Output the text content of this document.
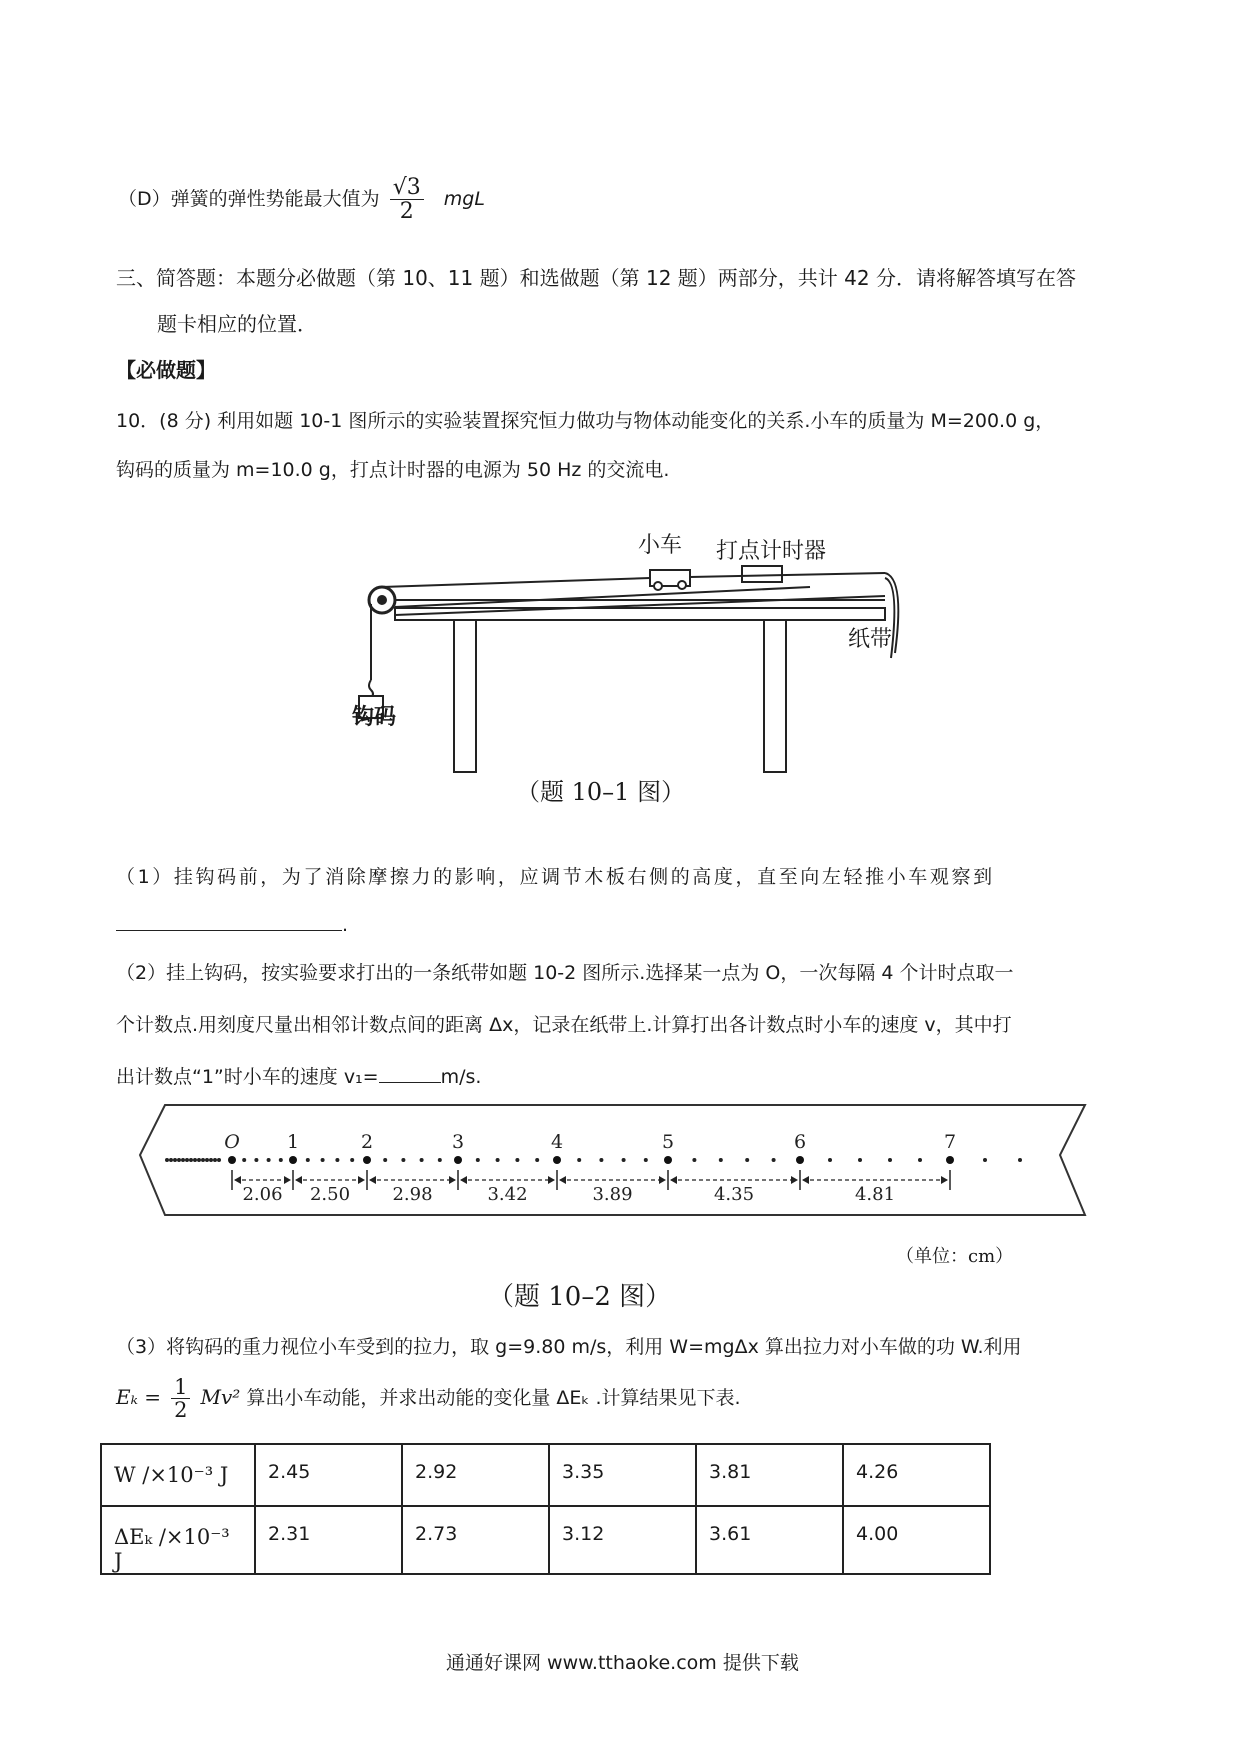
（D）弹簧的弹性势能最大值为 $\frac{√3}{2}$ mgL
三、简答题：本题分必做题（第 10、11 题）和选做题（第 12 题）两部分，共计 42 分．请将解答填写在答
题卡相应的位置．
【必做题】
10．(8 分) 利用如题 10-1 图所示的实验装置探究恒力做功与物体动能变化的关系.小车的质量为 M=200.0 g，
钩码的质量为 m=10.0 g，打点计时器的电源为 50 Hz 的交流电.
小车 打点计时器
纸带
钩码
（题 10–1 图）
（1）挂钩码前，为了消除摩擦力的影响，应调节木板右侧的高度，直至向左轻推小车观察到
.
（2）挂上钩码，按实验要求打出的一条纸带如题 10-2 图所示.选择某一点为 O，一次每隔 4 个计时点取一
个计数点.用刻度尺量出相邻计数点间的距离 Δx，记录在纸带上.计算打出各计数点时小车的速度 v，其中打
出计数点“1”时小车的速度 v₁=	m/s.
O 1	2	3	4	5	6	7
2.06 2.50 2.98	3.42	3.89	4.35	4.81
（单位：cm）
（题 10–2 图）
（3）将钩码的重力视位小车受到的拉力，取 g=9.80 m/s，利用 W=mgΔx 算出拉力对小车做的功 W.利用
$E_k = \frac{1}{2} Mv^2$ 算出小车动能，并求出动能的变化量 ΔEₖ .计算结果见下表.
W /×10⁻³ J	2.45	2.92	3.35	3.81	4.26
ΔEₖ /×10⁻³ J	2.31	2.73	3.12	3.61	4.00
通通好课网 www.tthaoke.com 提供下载
